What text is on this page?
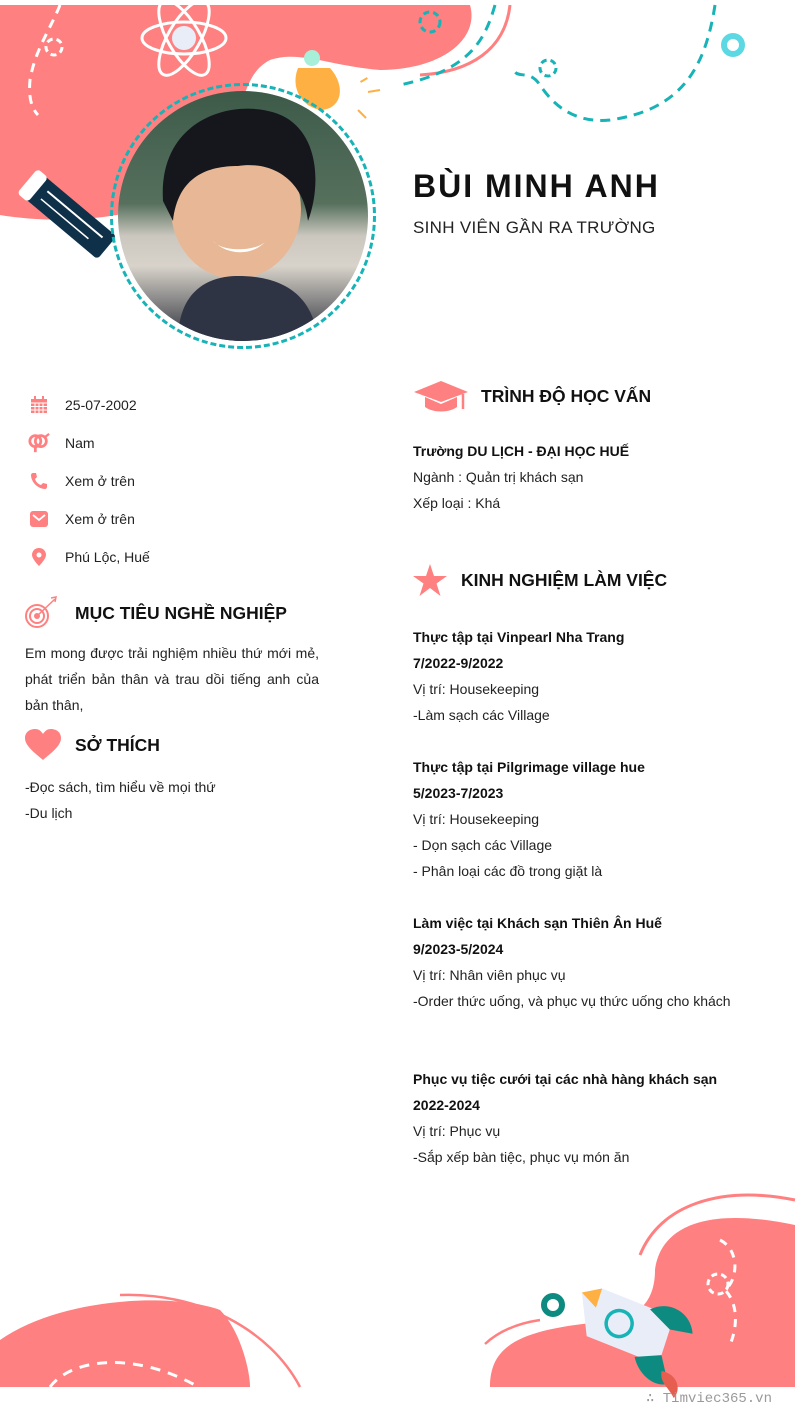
BÙI MINH ANH
SINH VIÊN GẦN RA TRƯỜNG
25-07-2002
Nam
Xem ở trên
Xem ở trên
Phú Lộc, Huế
MỤC TIÊU NGHỀ NGHIỆP

Em mong được trải nghiệm nhiều thứ mới mẻ, phát triển bản thân và trau dồi tiếng anh của bản thân,

SỞ THÍCH
-Đọc sách, tìm hiểu về mọi thứ
-Du lịch
TRÌNH ĐỘ HỌC VẤN
Trường DU LỊCH - ĐẠI HỌC HUẾ
Ngành : Quản trị khách sạn
Xếp loại : Khá
KINH NGHIỆM LÀM VIỆC
Thực tập tại Vinpearl Nha Trang
7/2022-9/2022
Vị trí: Housekeeping
-Làm sạch các Village
Thực tập tại Pilgrimage village hue
5/2023-7/2023
Vị trí: Housekeeping
- Dọn sạch các Village
- Phân loại các đồ trong giặt là
Làm việc tại Khách sạn Thiên Ân Huế
9/2023-5/2024
Vị trí: Nhân viên phục vụ
-Order thức uống, và phục vụ thức uống cho khách
Phục vụ tiệc cưới tại các nhà hàng khách sạn
2022-2024
Vị trí: Phục vụ
-Sắp xếp bàn tiệc, phục vụ món ăn
∴ Timviec365.vn
